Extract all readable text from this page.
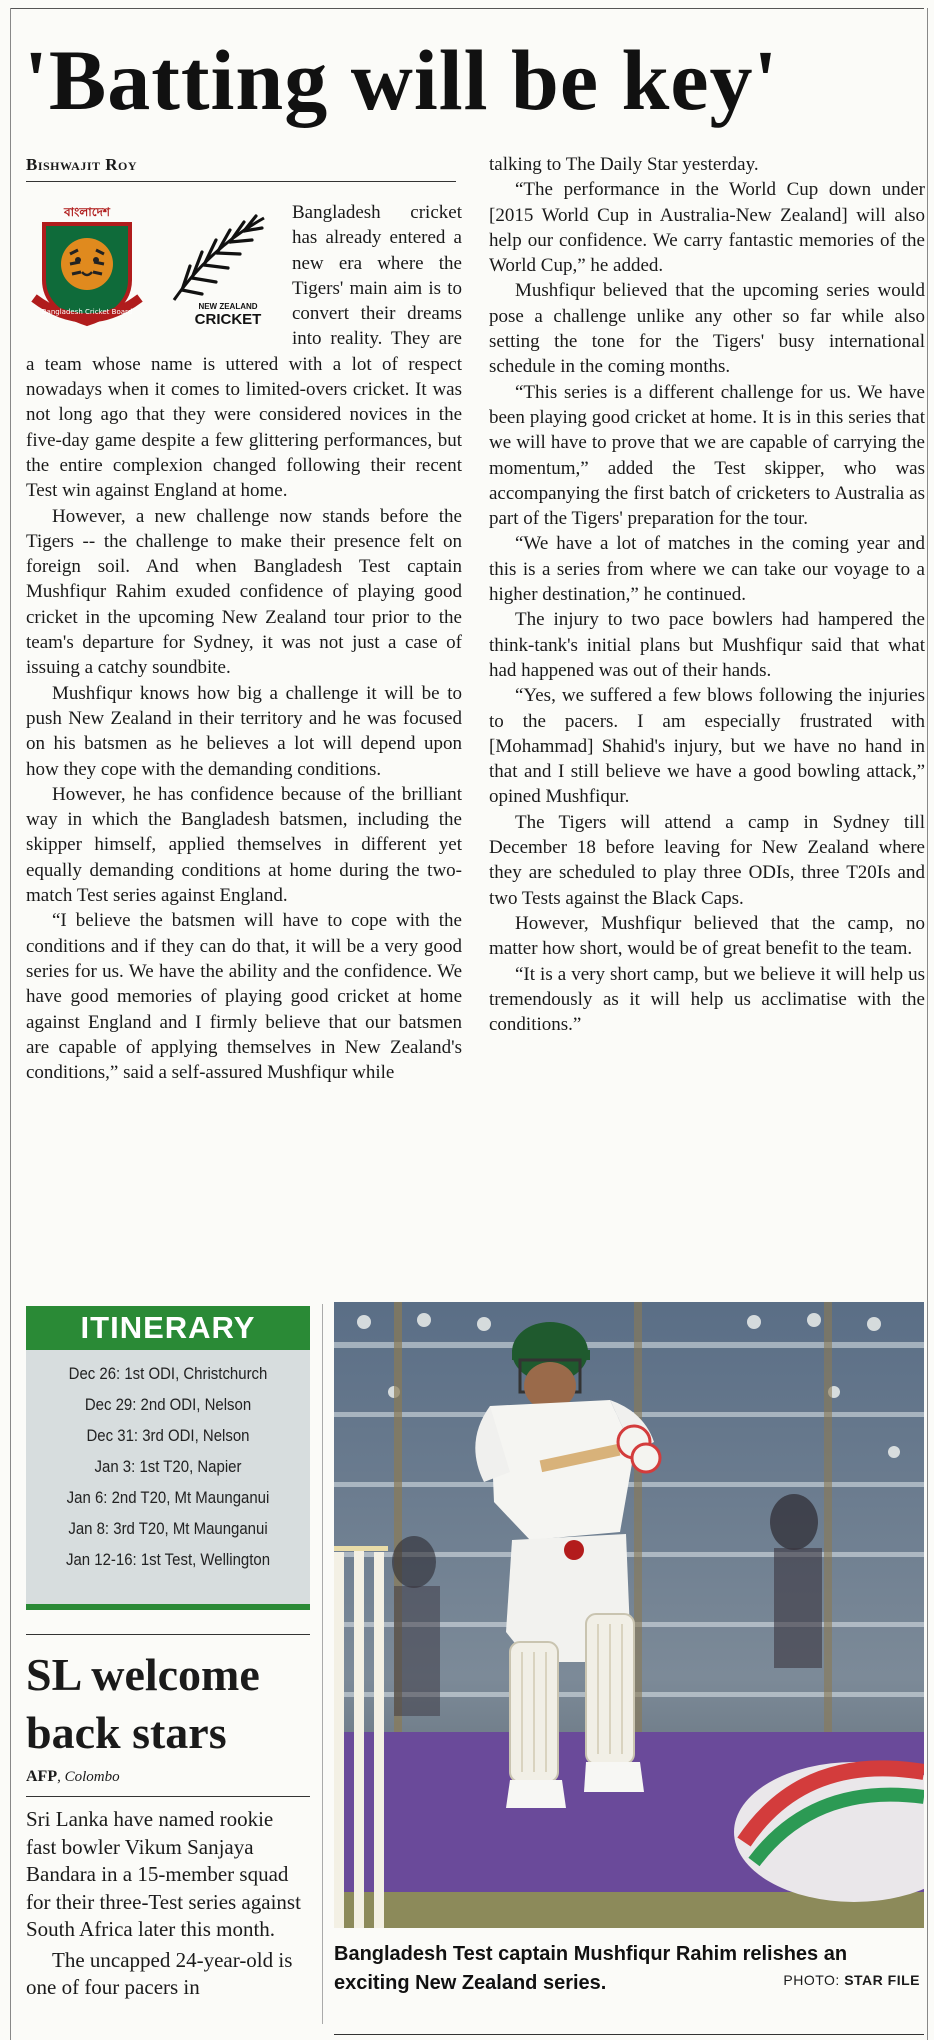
'Batting will be key'
Bishwajit Roy
বাংলাদেশ
Bangladesh Cricket Board
NEW ZEALAND
CRICKET

Bangladesh cricket has already entered a new era where the Tigers' main aim is to convert their dreams into reality. They are a team whose name is uttered with a lot of respect nowadays when it comes to limited-overs cricket. It was not long ago that they were considered novices in the five-day game despite a few glittering performances, but the entire complexion changed following their recent Test win against England at home.

However, a new challenge now stands before the Tigers -- the challenge to make their presence felt on foreign soil. And when Bangladesh Test captain Mushfiqur Rahim exuded confidence of playing good cricket in the upcoming New Zealand tour prior to the team's departure for Sydney, it was not just a case of issuing a catchy soundbite.

Mushfiqur knows how big a challenge it will be to push New Zealand in their territory and he was focused on his batsmen as he believes a lot will depend upon how they cope with the demanding conditions.

However, he has confidence because of the brilliant way in which the Bangladesh batsmen, including the skipper himself, applied themselves in different yet equally demanding conditions at home during the two-match Test series against England.

“I believe the batsmen will have to cope with the conditions and if they can do that, it will be a very good series for us. We have the ability and the confidence. We have good memories of playing good cricket at home against England and I firmly believe that our batsmen are capable of applying themselves in New Zealand's conditions,” said a self-assured Mushfiqur while

talking to The Daily Star yesterday.

“The performance in the World Cup down under [2015 World Cup in Australia-New Zealand] will also help our confidence. We carry fantastic memories of the World Cup,” he added.

Mushfiqur believed that the upcoming series would pose a challenge unlike any other so far while also setting the tone for the Tigers' busy international schedule in the coming months.

“This series is a different challenge for us. We have been playing good cricket at home. It is in this series that we will have to prove that we are capable of carrying the momentum,” added the Test skipper, who was accompanying the first batch of cricketers to Australia as part of the Tigers' preparation for the tour.

“We have a lot of matches in the coming year and this is a series from where we can take our voyage to a higher destination,” he continued.

The injury to two pace bowlers had hampered the think-tank's initial plans but Mushfiqur said that what had happened was out of their hands.

“Yes, we suffered a few blows following the injuries to the pacers. I am especially frustrated with [Mohammad] Shahid's injury, but we have no hand in that and I still believe we have a good bowling attack,” opined Mushfiqur.

The Tigers will attend a camp in Sydney till December 18 before leaving for New Zealand where they are scheduled to play three ODIs, three T20Is and two Tests against the Black Caps.

However, Mushfiqur believed that the camp, no matter how short, would be of great benefit to the team.

“It is a very short camp, but we believe it will help us tremendously as it will help us acclimatise with the conditions.”

ITINERARY
Dec 26: 1st ODI, Christchurch
Dec 29: 2nd ODI, Nelson
Dec 31: 3rd ODI, Nelson
Jan 3: 1st T20, Napier
Jan 6: 2nd T20, Mt Maunganui
Jan 8: 3rd T20, Mt Maunganui
Jan 12-16: 1st Test, Wellington
SL welcome back stars
AFP, Colombo

Sri Lanka have named rookie fast bowler Vikum Sanjaya Bandara in a 15-member squad for their three-Test series against South Africa later this month.

The uncapped 24-year-old is one of four pacers in

Bangladesh Test captain Mushfiqur Rahim relishes an exciting New Zealand series.	PHOTO: STAR FILE
